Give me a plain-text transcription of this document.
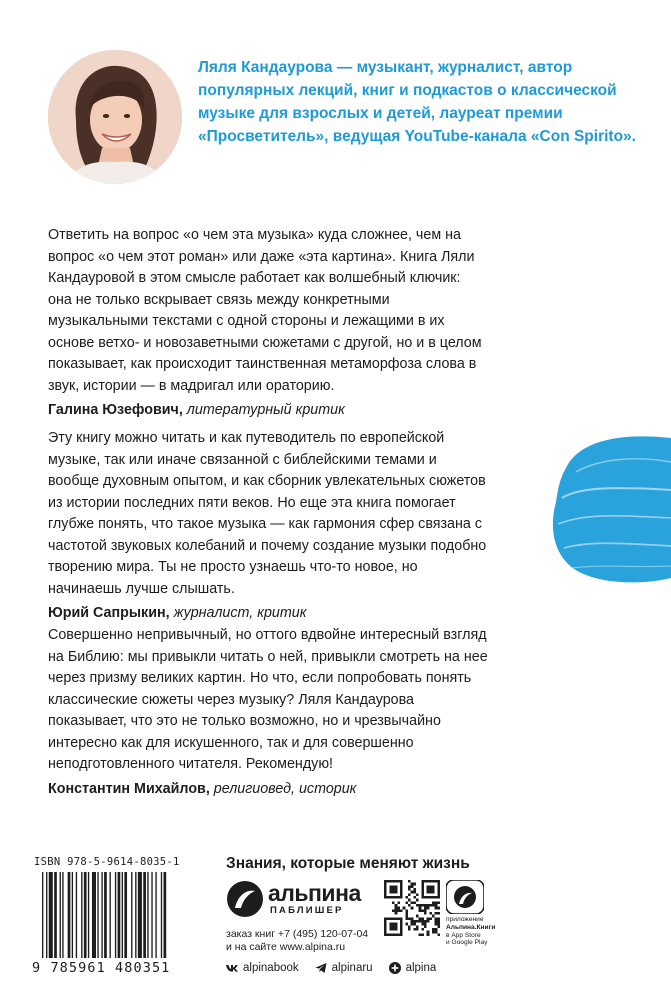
Ляля Кандаурова — музыкант, журналист, автор популярных лекций, книг и подкастов о классической музыке для взрослых и детей, лауреат премии «Просветитель», ведущая YouTube-канала «Con Spirito».

Ответить на вопрос «о чем эта музыка» куда сложнее, чем на вопрос «о чем этот роман» или даже «эта картина». Книга Ляли Кандауровой в этом смысле работает как волшебный ключик: она не только вскрывает связь между конкретными музыкальными текстами с одной стороны и лежащими в их основе ветхо- и новозаветными сюжетами с другой, но и в целом показывает, как происходит таинственная метаморфоза слова в звук, истории — в мадригал или ораторию.

Галина Юзефович, литературный критик

Эту книгу можно читать и как путеводитель по европейской музыке, так или иначе связанной с библейскими темами и вообще духовным опытом, и как сборник увлекательных сюжетов из истории последних пяти веков. Но еще эта книга помогает глубже понять, что такое музыка — как гармония сфер связана с частотой звуковых колебаний и почему создание музыки подобно творению мира. Ты не просто узнаешь что-то новое, но начинаешь лучше слышать.

Юрий Сапрыкин, журналист, критик

Совершенно непривычный, но оттого вдвойне интересный взгляд на Библию: мы привыкли читать о ней, привыкли смотреть на нее через призму великих картин. Но что, если попробовать понять классические сюжеты через музыку? Ляля Кандаурова показывает, что это не только возможно, но и чрезвычайно интересно как для искушенного, так и для совершенно неподготовленного читателя. Рекомендую!

Константин Михайлов, религиовед, историк
ISBN 978-5-9614-8035-1
9 785961 480351
Знания, которые меняют жизнь
альпина
ПАБЛИШЕР
заказ книг +7 (495) 120-07-04
и на сайте www.alpina.ru
приложение
Альпина.Книги
в App Store
и Google Play
alpinabook	alpinaru	alpina
